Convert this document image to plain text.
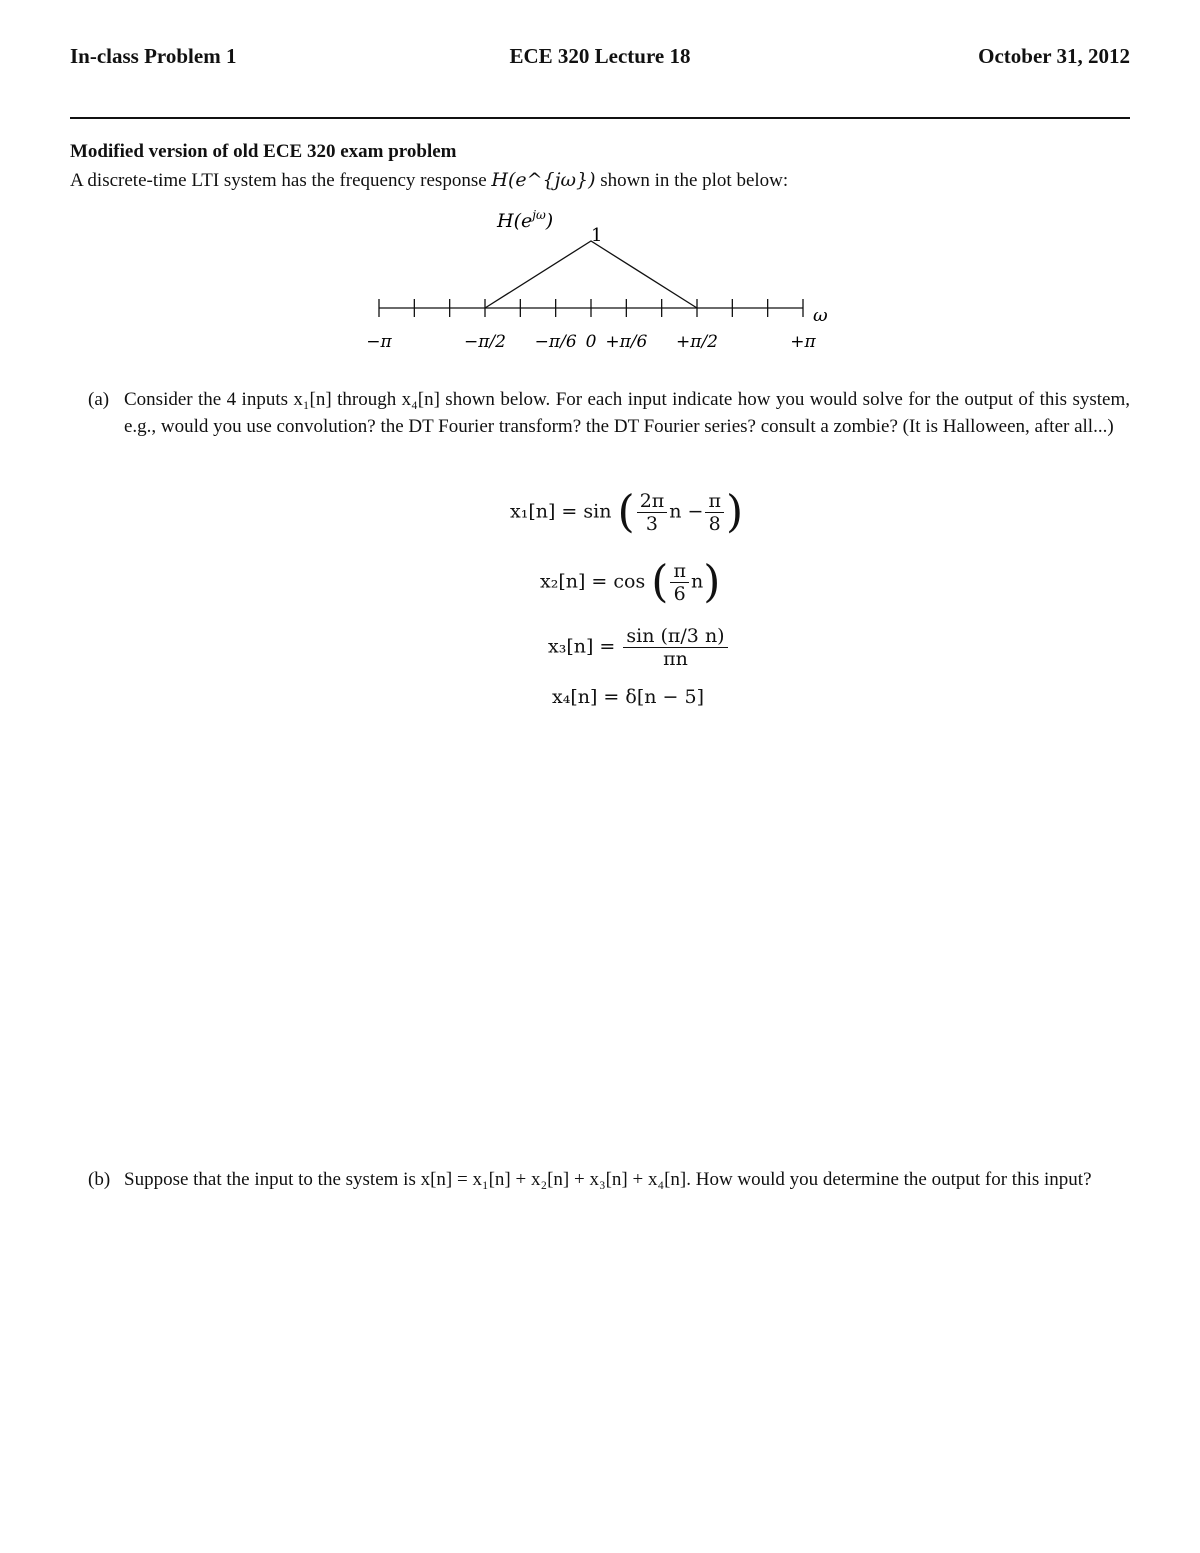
In-class Problem 1	ECE 320 Lecture 18	October 31, 2012
Modified version of old ECE 320 exam problem
A discrete-time LTI system has the frequency response H(e^{jω}) shown in the plot below:
$H(e^{j\omega})$
1
ω
−π	−π/2 −π/6 0 +π/6 +π/2	+π
(a) Consider the 4 inputs x₁[n] through x₄[n] shown below. For each input indicate how you would solve for the output of this system, e.g., would you use convolution? the DT Fourier transform? the DT Fourier series? consult a zombie? (It is Halloween, after all...)
x₁[n] = sin ( $\frac{2\pi}{3}$ $n - \frac{\pi}{8}$ )
x₂[n] = cos ( $\frac{\pi}{6} n$)
$x_3[n] = \frac{\sin (\pi/3 n)}{\pi n}$
x₄[n] = δ[n − 5]
(b) Suppose that the input to the system is x[n] = x₁[n] + x₂[n] + x₃[n] + x₄[n]. How would you determine the output for this input?
